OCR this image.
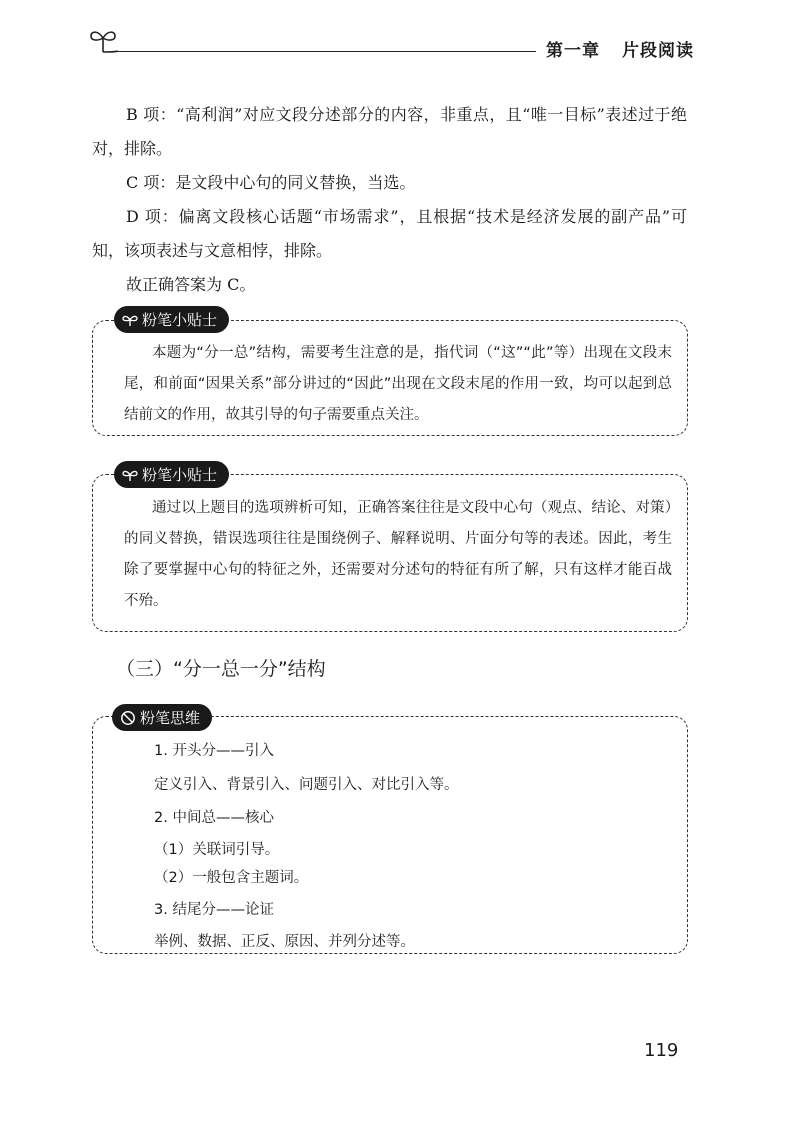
第一章 片段阅读

B 项：“高利润”对应文段分述部分的内容，非重点，且“唯一目标”表述过于绝对，排除。

C 项：是文段中心句的同义替换，当选。

D 项：偏离文段核心话题“市场需求”，且根据“技术是经济发展的副产品”可知，该项表述与文意相悖，排除。

故正确答案为 C。

粉笔小贴士

本题为“分一总”结构，需要考生注意的是，指代词（“这”“此”等）出现在文段末尾，和前面“因果关系”部分讲过的“因此”出现在文段末尾的作用一致，均可以起到总结前文的作用，故其引导的句子需要重点关注。

粉笔小贴士

通过以上题目的选项辨析可知，正确答案往往是文段中心句（观点、结论、对策）的同义替换，错误选项往往是围绕例子、解释说明、片面分句等的表述。因此，考生除了要掌握中心句的特征之外，还需要对分述句的特征有所了解，只有这样才能百战不殆。

（三）“分一总一分”结构
粉笔思维

1. 开头分——引入

定义引入、背景引入、问题引入、对比引入等。

2. 中间总——核心

（1）关联词引导。

（2）一般包含主题词。

3. 结尾分——论证

举例、数据、正反、原因、并列分述等。

119
